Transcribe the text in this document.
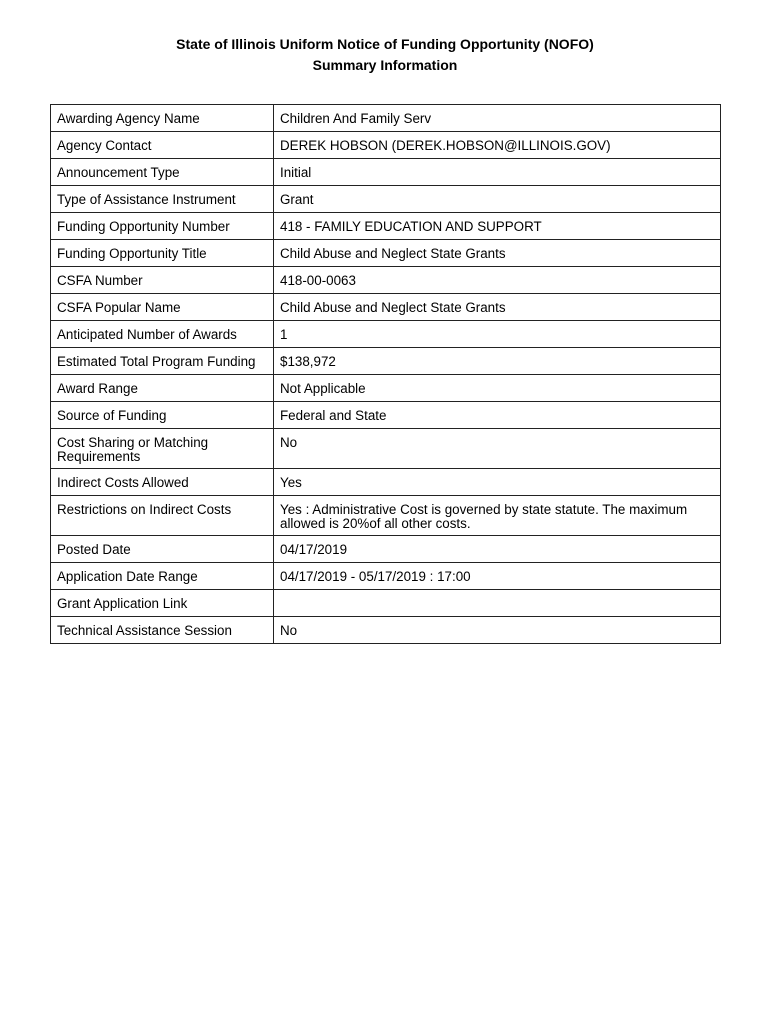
State of Illinois Uniform Notice of Funding Opportunity (NOFO)
Summary Information
Awarding Agency Name	Children And Family Serv
Agency Contact	DEREK HOBSON (DEREK.HOBSON@ILLINOIS.GOV)
Announcement Type	Initial
Type of Assistance Instrument	Grant
Funding Opportunity Number	418 - FAMILY EDUCATION AND SUPPORT
Funding Opportunity Title	Child Abuse and Neglect State Grants
CSFA Number	418-00-0063
CSFA Popular Name	Child Abuse and Neglect State Grants
Anticipated Number of Awards	1
Estimated Total Program Funding	$138,972
Award Range	Not Applicable
Source of Funding	Federal and State
Cost Sharing or Matching Requirements	No
Indirect Costs Allowed	Yes
Restrictions on Indirect Costs	Yes : Administrative Cost is governed by state statute. The maximum allowed is 20%of all other costs.
Posted Date	04/17/2019
Application Date Range	04/17/2019 - 05/17/2019 : 17:00
Grant Application Link	
Technical Assistance Session	No
